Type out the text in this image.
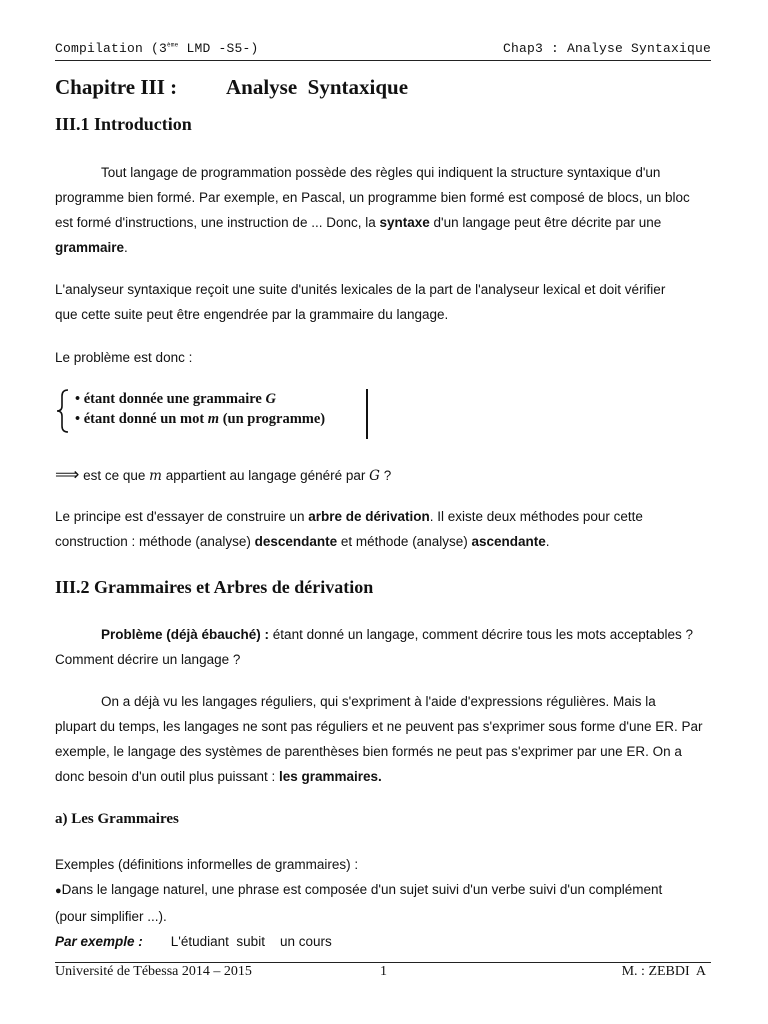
Compilation (3ème LMD -S5-)	Chap3 : Analyse Syntaxique
Chapitre III : Analyse  Syntaxique
III.1 Introduction
Tout langage de programmation possède des règles qui indiquent la structure syntaxique d'un
programme bien formé. Par exemple, en Pascal, un programme bien formé est composé de blocs, un bloc
est formé d'instructions, une instruction de ... Donc, la syntaxe d'un langage peut être décrite par une
grammaire.
L'analyseur syntaxique reçoit une suite d'unités lexicales de la part de l'analyseur lexical et doit vérifier
que cette suite peut être engendrée par la grammaire du langage.
Le problème est donc :
• étant donnée une grammaire G
• étant donné un mot m (un programme)
⟹ est ce que m appartient au langage généré par G ?
Le principe est d'essayer de construire un arbre de dérivation. Il existe deux méthodes pour cette
construction : méthode (analyse) descendante et méthode (analyse) ascendante.
III.2 Grammaires et Arbres de dérivation
Problème (déjà ébauché) : étant donné un langage, comment décrire tous les mots acceptables ?
Comment décrire un langage ?
On a déjà vu les langages réguliers, qui s'expriment à l'aide d'expressions régulières. Mais la
plupart du temps, les langages ne sont pas réguliers et ne peuvent pas s'exprimer sous forme d'une ER. Par
exemple, le langage des systèmes de parenthèses bien formés ne peut pas s'exprimer par une ER. On a
donc besoin d'un outil plus puissant : les grammaires.
a) Les Grammaires
Exemples (définitions informelles de grammaires) :
●Dans le langage naturel, une phrase est composée d'un sujet suivi d'un verbe suivi d'un complément
(pour simplifier ...).
Par exemple : L'étudiant  subit    un cours
Université de Tébessa 2014 – 2015	1	M. : ZEBDI  A
